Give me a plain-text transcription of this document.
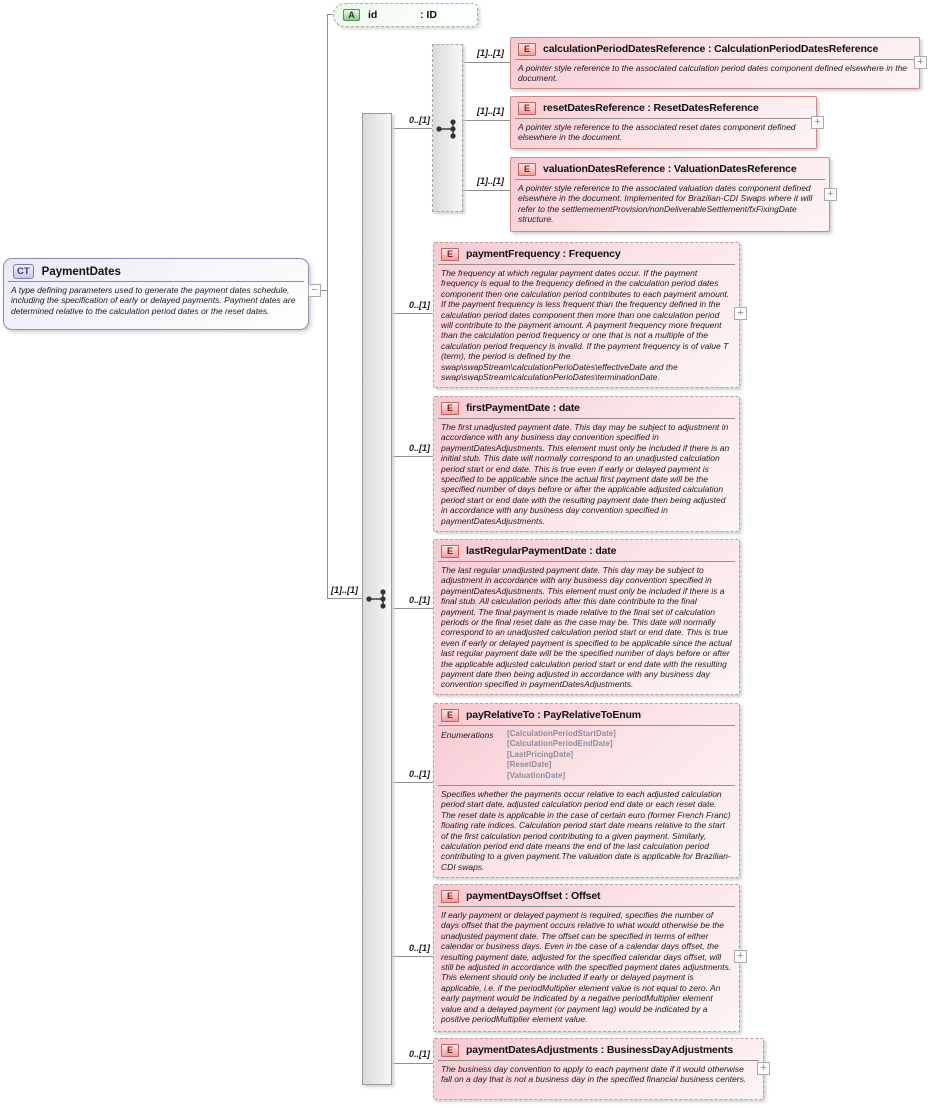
[1]..[1]
0..[1]
[1]..[1]
[1]..[1]
[1]..[1]
0..[1]
0..[1]
0..[1]
0..[1]
0..[1]
0..[1]
CT	PaymentDates
A type defining parameters used to generate the payment dates schedule, including the specification of early or delayed payments. Payment dates are determined relative to the calculation period dates or the reset dates.
−
A	id	: ID
E	calculationPeriodDatesReference : CalculationPeriodDatesReference
A pointer style reference to the associated calculation period dates component defined elsewhere in the document.
+
E	resetDatesReference : ResetDatesReference
A pointer style reference to the associated reset dates component defined elsewhere in the document.
+
E	valuationDatesReference : ValuationDatesReference
A pointer style reference to the associated valuation dates component defined elsewhere in the document. Implemented for Brazilian-CDI Swaps where it will refer to the settlemementProvision/nonDeliverableSettlement/fxFixingDate structure.
+
E	paymentFrequency : Frequency
The frequency at which regular payment dates occur. If the payment frequency is equal to the frequency defined in the calculation period dates component then one calculation period contributes to each payment amount. If the payment frequency is less frequent than the frequency defined in the calculation period dates component then more than one calculation period will contribute to the payment amount. A payment frequency more frequent than the calculation period frequency or one that is not a multiple of the calculation period frequency is invalid. If the payment frequency is of value T (term), the period is defined by the swap\swapStream\calculationPerioDates\effectiveDate and the swap\swapStream\calculationPerioDates\terminationDate.
+
E	firstPaymentDate : date
The first unadjusted payment date. This day may be subject to adjustment in accordance with any business day convention specified in paymentDatesAdjustments. This element must only be included if there is an initial stub. This date will normally correspond to an unadjusted calculation period start or end date. This is true even if early or delayed payment is specified to be applicable since the actual first payment date will be the specified number of days before or after the applicable adjusted calculation period start or end date with the resulting payment date then being adjusted in accordance with any business day convention specified in paymentDatesAdjustments.
E	lastRegularPaymentDate : date
The last regular unadjusted payment date. This day may be subject to adjustment in accordance with any business day convention specified in paymentDatesAdjustments. This element must only be included if there is a final stub. All calculation periods after this date contribute to the final payment. The final payment is made relative to the final set of calculation periods or the final reset date as the case may be. This date will normally correspond to an unadjusted calculation period start or end date. This is true even if early or delayed payment is specified to be applicable since the actual last regular payment date will be the specified number of days before or after the applicable adjusted calculation period start or end date with the resulting payment date then being adjusted in accordance with any business day convention specified in paymentDatesAdjustments.
E	payRelativeTo : PayRelativeToEnum
Enumerations	[CalculationPeriodStartDate]
[CalculationPeriodEndDate]
[LastPricingDate]
[ResetDate]
[ValuationDate]
Specifies whether the payments occur relative to each adjusted calculation period start date, adjusted calculation period end date or each reset date. The reset date is applicable in the case of certain euro (former French Franc) floating rate indices. Calculation period start date means relative to the start of the first calculation period contributing to a given payment. Similarly, calculation period end date means the end of the last calculation period contributing to a given payment.The valuation date is applicable for Brazilian-CDI swaps.
E	paymentDaysOffset : Offset
If early payment or delayed payment is required, specifies the number of days offset that the payment occurs relative to what would otherwise be the unadjusted payment date. The offset can be specified in terms of either calendar or business days. Even in the case of a calendar days offset, the resulting payment date, adjusted for the specified calendar days offset, will still be adjusted in accordance with the specified payment dates adjustments. This element should only be included if early or delayed payment is applicable, i.e. if the periodMultiplier element value is not equal to zero. An early payment would be indicated by a negative periodMultiplier element value and a delayed payment (or payment lag) would be indicated by a positive periodMultiplier element value.
+
E	paymentDatesAdjustments : BusinessDayAdjustments
The business day convention to apply to each payment date if it would otherwise fall on a day that is not a business day in the specified financial business centers.
+
